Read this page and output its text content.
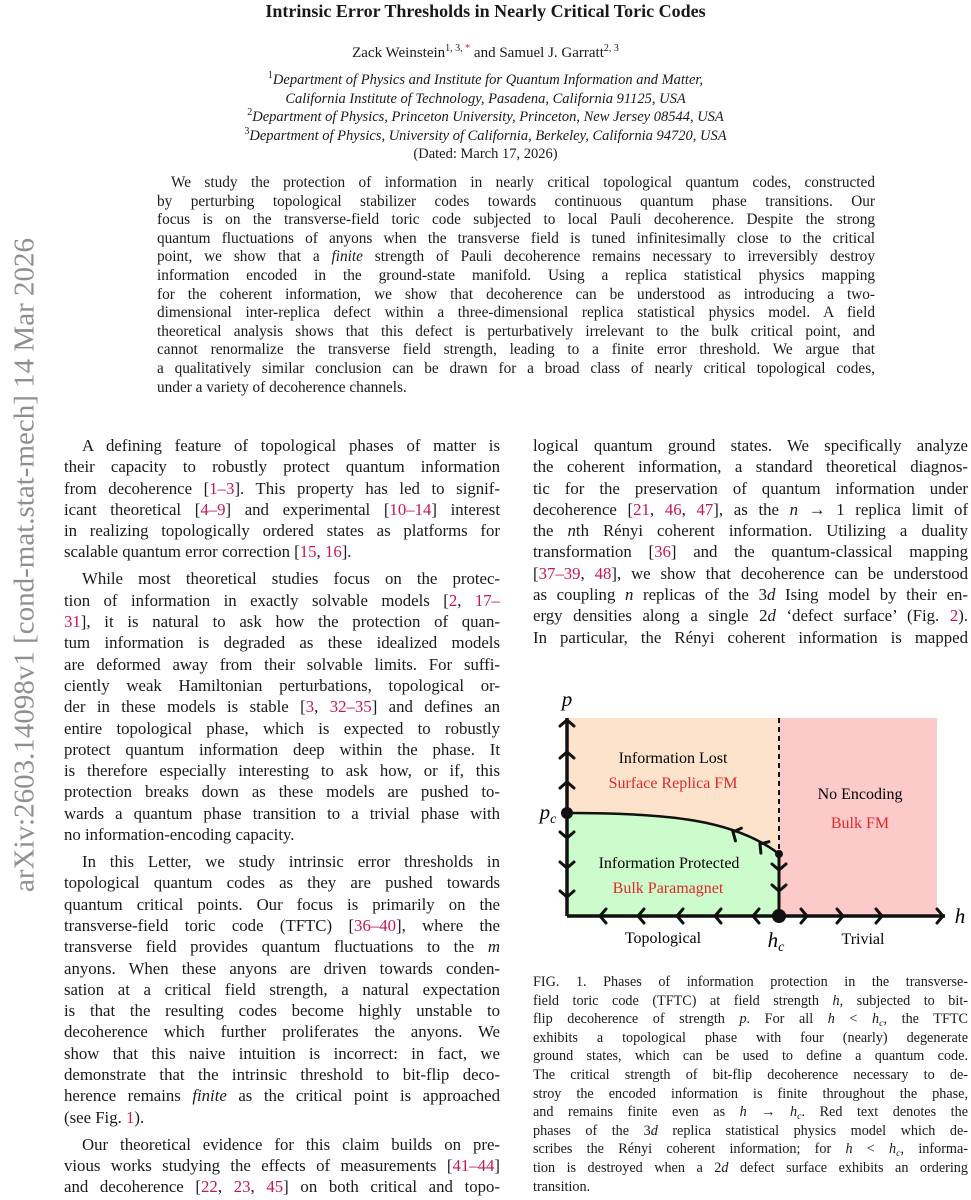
arXiv:2603.14098v1 [cond-mat.stat-mech] 14 Mar 2026
Intrinsic Error Thresholds in Nearly Critical Toric Codes
Zack Weinstein$^{1, 3, *}$ and Samuel J. Garratt$^{2, 3}$
$^1$Department of Physics and Institute for Quantum Information and Matter,
California Institute of Technology, Pasadena, California 91125, USA
$^2$Department of Physics, Princeton University, Princeton, New Jersey 08544, USA
$^3$Department of Physics, University of California, Berkeley, California 94720, USA
(Dated: March 17, 2026)
We study the protection of information in nearly critical topological quantum codes, constructed
by perturbing topological stabilizer codes towards continuous quantum phase transitions. Our
focus is on the transverse-field toric code subjected to local Pauli decoherence. Despite the strong
quantum fluctuations of anyons when the transverse field is tuned infinitesimally close to the critical
point, we show that a finite strength of Pauli decoherence remains necessary to irreversibly destroy
information encoded in the ground-state manifold. Using a replica statistical physics mapping
for the coherent information, we show that decoherence can be understood as introducing a two-
dimensional inter-replica defect within a three-dimensional replica statistical physics model. A field
theoretical analysis shows that this defect is perturbatively irrelevant to the bulk critical point, and
cannot renormalize the transverse field strength, leading to a finite error threshold. We argue that
a qualitatively similar conclusion can be drawn for a broad class of nearly critical topological codes,
under a variety of decoherence channels.
A defining feature of topological phases of matter is
their capacity to robustly protect quantum information
from decoherence [1–3]. This property has led to signif-
icant theoretical [4–9] and experimental [10–14] interest
in realizing topologically ordered states as platforms for
scalable quantum error correction [15, 16].
While most theoretical studies focus on the protec-
tion of information in exactly solvable models [2, 17–
31], it is natural to ask how the protection of quan-
tum information is degraded as these idealized models
are deformed away from their solvable limits. For suffi-
ciently weak Hamiltonian perturbations, topological or-
der in these models is stable [3, 32–35] and defines an
entire topological phase, which is expected to robustly
protect quantum information deep within the phase. It
is therefore especially interesting to ask how, or if, this
protection breaks down as these models are pushed to-
wards a quantum phase transition to a trivial phase with
no information-encoding capacity.
In this Letter, we study intrinsic error thresholds in
topological quantum codes as they are pushed towards
quantum critical points. Our focus is primarily on the
transverse-field toric code (TFTC) [36–40], where the
transverse field provides quantum fluctuations to the m
anyons. When these anyons are driven towards conden-
sation at a critical field strength, a natural expectation
is that the resulting codes become highly unstable to
decoherence which further proliferates the anyons. We
show that this naive intuition is incorrect: in fact, we
demonstrate that the intrinsic threshold to bit-flip deco-
herence remains finite as the critical point is approached
(see Fig. 1).
Our theoretical evidence for this claim builds on pre-
vious works studying the effects of measurements [41–44]
and decoherence [22, 23, 45] on both critical and topo-
logical quantum ground states. We specifically analyze
the coherent information, a standard theoretical diagnos-
tic for the preservation of quantum information under
decoherence [21, 46, 47], as the n → 1 replica limit of
the nth Rényi coherent information. Utilizing a duality
transformation [36] and the quantum-classical mapping
[37–39, 48], we show that decoherence can be understood
as coupling n replicas of the 3d Ising model by their en-
ergy densities along a single 2d ‘defect surface’ (Fig. 2).
In particular, the Rényi coherent information is mapped
p
pc
h
hc
Topological	Trivial
Information Lost
Surface Replica FM
No Encoding
Bulk FM
Information Protected
Bulk Paramagnet
FIG. 1. Phases of information protection in the transverse-
field toric code (TFTC) at field strength h, subjected to bit-
flip decoherence of strength p. For all $h < h_c$, the TFTC
exhibits a topological phase with four (nearly) degenerate
ground states, which can be used to define a quantum code.
The critical strength of bit-flip decoherence necessary to de-
stroy the encoded information is finite throughout the phase,
and remains finite even as $h \to h_c$. Red text denotes the
phases of the 3d replica statistical physics model which de-
scribes the Rényi coherent information; for $h < h_c$, informa-
tion is destroyed when a 2d defect surface exhibits an ordering
transition.
